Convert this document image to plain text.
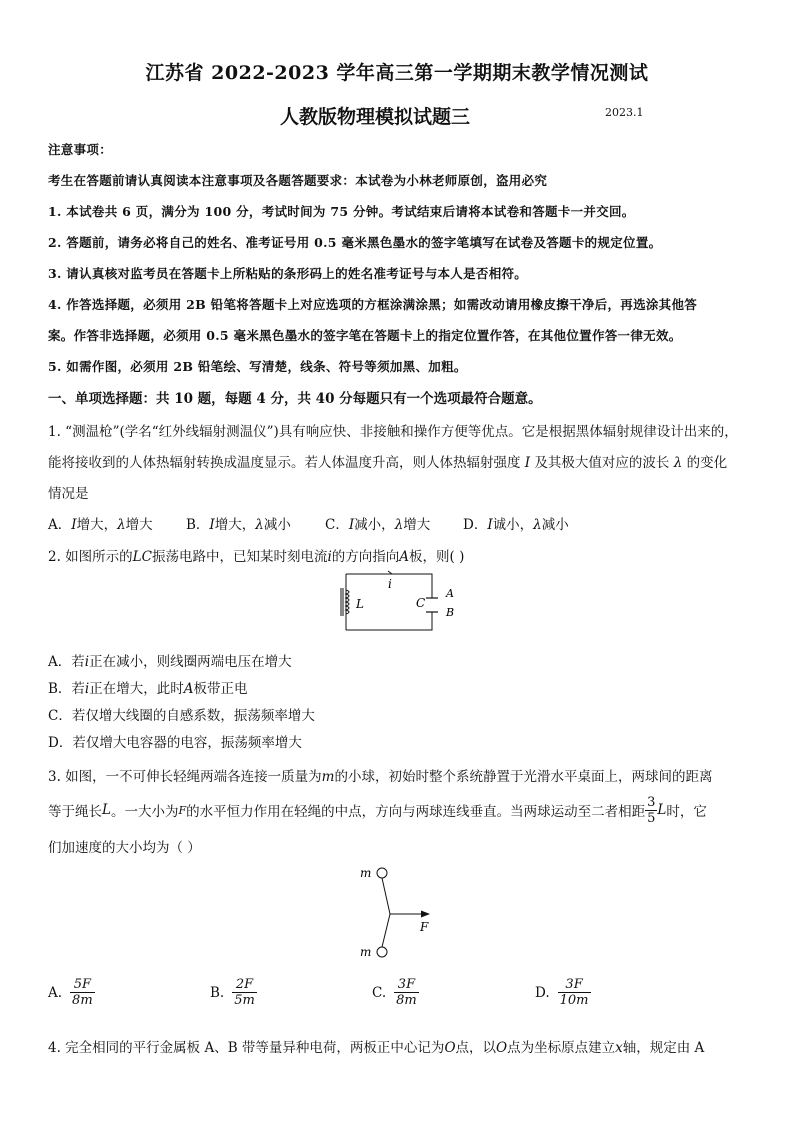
江苏省 2022-2023 学年高三第一学期期末教学情况测试
人教版物理模拟试题三	2023.1
注意事项：
考生在答题前请认真阅读本注意事项及各题答题要求：本试卷为小林老师原创，盗用必究
1. 本试卷共 6 页，满分为 100 分，考试时间为 75 分钟。考试结束后请将本试卷和答题卡一并交回。
2. 答题前，请务必将自己的姓名、准考证号用 0.5 毫米黑色墨水的签字笔填写在试卷及答题卡的规定位置。
3. 请认真核对监考员在答题卡上所粘贴的条形码上的姓名准考证号与本人是否相符。
4. 作答选择题，必须用 2B 铅笔将答题卡上对应选项的方框涂满涂黑；如需改动请用橡皮擦干净后，再选涂其他答
案。作答非选择题，必须用 0.5 毫米黑色墨水的签字笔在答题卡上的指定位置作答，在其他位置作答一律无效。
5. 如需作图，必须用 2B 铅笔绘、写清楚，线条、符号等须加黑、加粗。
一、单项选择题：共 10 题，每题 4 分，共 40 分每题只有一个选项最符合题意。
1. “测温枪”(学名“红外线辐射测温仪”)具有响应快、非接触和操作方便等优点。它是根据黑体辐射规律设计出来的，
能将接收到的人体热辐射转换成温度显示。若人体温度升高，则人体热辐射强度 I 及其极大值对应的波长 λ 的变化
情况是
A．I增大，λ增大 B．I增大，λ减小	C．I减小，λ增大 D．I诚小，λ减小
2. 如图所示的LC振荡电路中，已知某时刻电流i的方向指向A板，则( )
i
L	C
A
B
A．若i正在减小，则线圈两端电压在增大
B．若i正在增大，此时A板带正电
C．若仅增大线圈的自感系数，振荡频率增大
D．若仅增大电容器的电容，振荡频率增大
3. 如图，一不可伸长轻绳两端各连接一质量为m的小球，初始时整个系统静置于光滑水平桌面上，两球间的距离
等于绳长 L 。一大小为 F 的水平恒力作用在轻绳的中点，方向与两球连线垂直。当两球运动至二者相距 $\frac{3}{5}$ L 时，它
们加速度的大小均为（ ）
m
m
F
A. $\frac{5F}{8m}$	B. $\frac{2F}{5m}$	C. $\frac{3F}{8m}$	D. $\frac{3F}{10m}$
4. 完全相同的平行金属板 A、B 带等量异种电荷，两板正中心记为O点，以O点为坐标原点建立x轴，规定由 A
